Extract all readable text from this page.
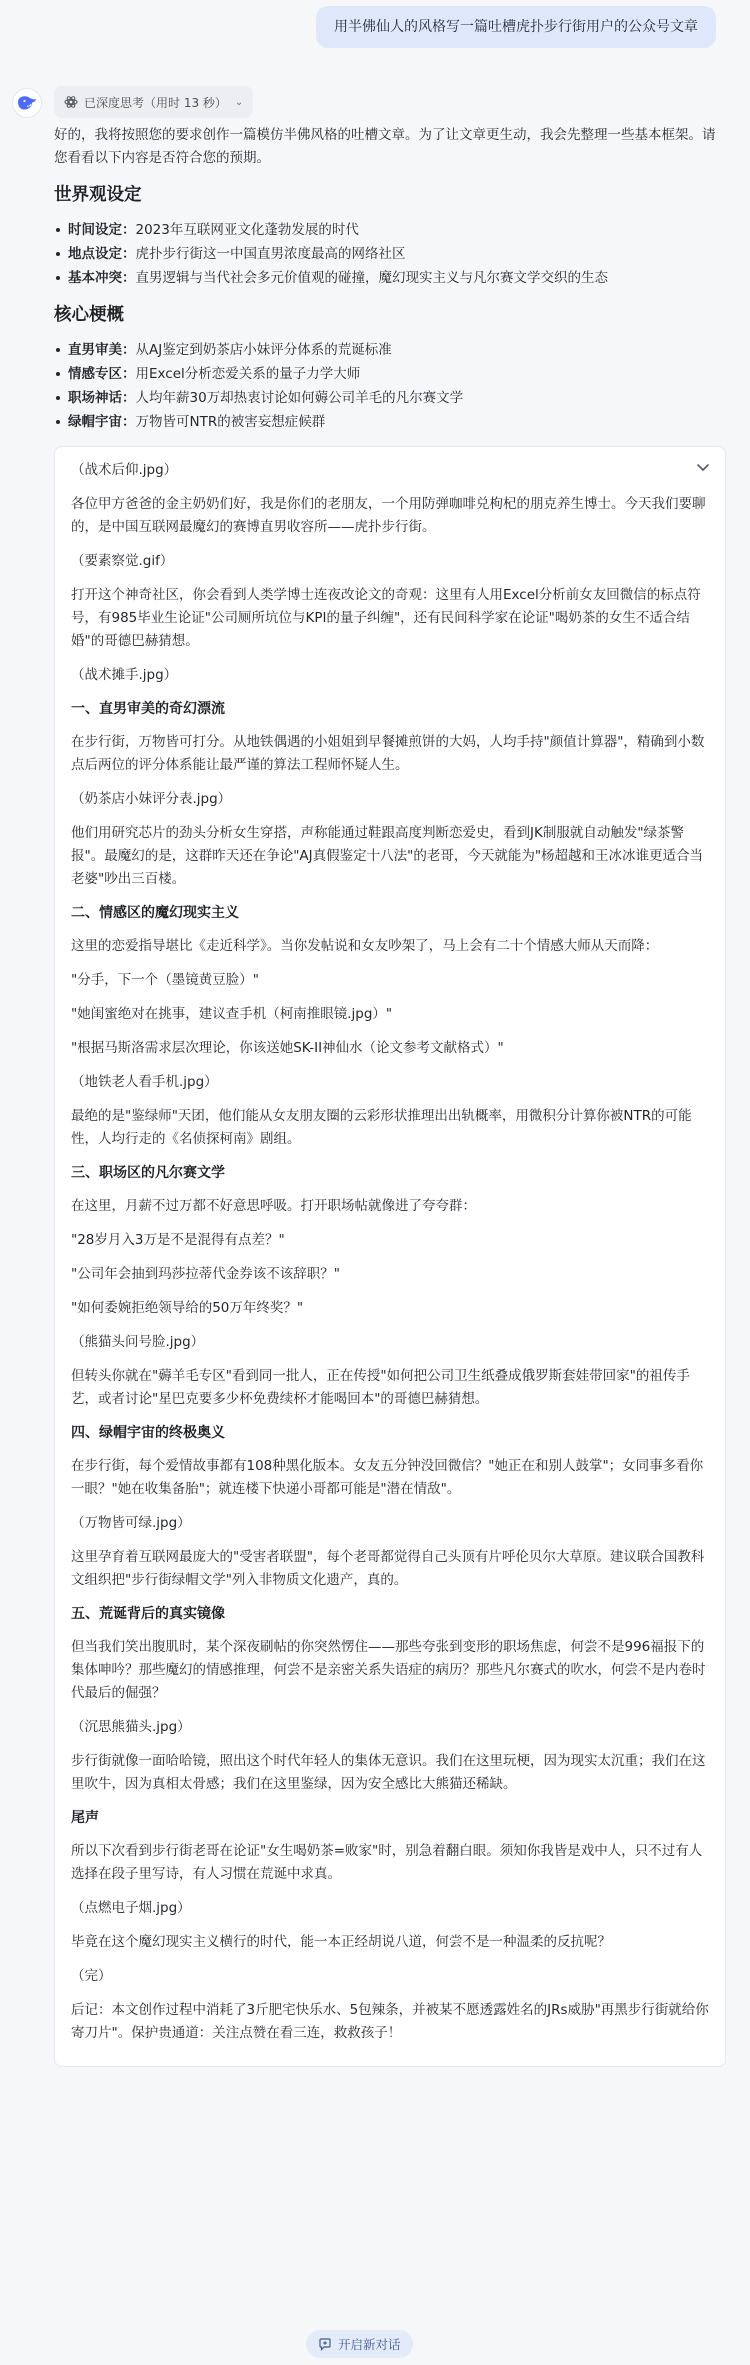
用半佛仙人的风格写一篇吐槽虎扑步行街用户的公众号文章
已深度思考（用时 13 秒） ⌄

好的，我将按照您的要求创作一篇模仿半佛风格的吐槽文章。为了让文章更生动，我会先整理一些基本框架。请您看看以下内容是否符合您的预期。

世界观设定
时间设定：2023年互联网亚文化蓬勃发展的时代
地点设定：虎扑步行街这一中国直男浓度最高的网络社区
基本冲突：直男逻辑与当代社会多元价值观的碰撞，魔幻现实主义与凡尔赛文学交织的生态
核心梗概
直男审美：从AJ鉴定到奶茶店小妹评分体系的荒诞标准
情感专区：用Excel分析恋爱关系的量子力学大师
职场神话：人均年薪30万却热衷讨论如何薅公司羊毛的凡尔赛文学
绿帽宇宙：万物皆可NTR的被害妄想症候群

（战术后仰.jpg）

各位甲方爸爸的金主奶奶们好，我是你们的老朋友，一个用防弹咖啡兑枸杞的朋克养生博士。今天我们要聊的，是中国互联网最魔幻的赛博直男收容所——虎扑步行街。

（要素察觉.gif）

打开这个神奇社区，你会看到人类学博士连夜改论文的奇观：这里有人用Excel分析前女友回微信的标点符号，有985毕业生论证"公司厕所坑位与KPI的量子纠缠"，还有民间科学家在论证"喝奶茶的女生不适合结婚"的哥德巴赫猜想。

（战术摊手.jpg）

一、直男审美的奇幻漂流

在步行街，万物皆可打分。从地铁偶遇的小姐姐到早餐摊煎饼的大妈，人均手持"颜值计算器"，精确到小数点后两位的评分体系能让最严谨的算法工程师怀疑人生。

（奶茶店小妹评分表.jpg）

他们用研究芯片的劲头分析女生穿搭，声称能通过鞋跟高度判断恋爱史，看到JK制服就自动触发"绿茶警报"。最魔幻的是，这群昨天还在争论"AJ真假鉴定十八法"的老哥，今天就能为"杨超越和王冰冰谁更适合当老婆"吵出三百楼。

二、情感区的魔幻现实主义

这里的恋爱指导堪比《走近科学》。当你发帖说和女友吵架了，马上会有二十个情感大师从天而降：

"分手，下一个（墨镜黄豆脸）"

"她闺蜜绝对在挑事，建议查手机（柯南推眼镜.jpg）"

"根据马斯洛需求层次理论，你该送她SK-II神仙水（论文参考文献格式）"

（地铁老人看手机.jpg）

最绝的是"鉴绿师"天团，他们能从女友朋友圈的云彩形状推理出出轨概率，用微积分计算你被NTR的可能性，人均行走的《名侦探柯南》剧组。

三、职场区的凡尔赛文学

在这里，月薪不过万都不好意思呼吸。打开职场帖就像进了夸夸群：

"28岁月入3万是不是混得有点差？"

"公司年会抽到玛莎拉蒂代金券该不该辞职？"

"如何委婉拒绝领导给的50万年终奖？"

（熊猫头问号脸.jpg）

但转头你就在"薅羊毛专区"看到同一批人，正在传授"如何把公司卫生纸叠成俄罗斯套娃带回家"的祖传手艺，或者讨论"星巴克要多少杯免费续杯才能喝回本"的哥德巴赫猜想。

四、绿帽宇宙的终极奥义

在步行街，每个爱情故事都有108种黑化版本。女友五分钟没回微信？"她正在和别人鼓掌"；女同事多看你一眼？"她在收集备胎"；就连楼下快递小哥都可能是"潜在情敌"。

（万物皆可绿.jpg）

这里孕育着互联网最庞大的"受害者联盟"，每个老哥都觉得自己头顶有片呼伦贝尔大草原。建议联合国教科文组织把"步行街绿帽文学"列入非物质文化遗产，真的。

五、荒诞背后的真实镜像

但当我们笑出腹肌时，某个深夜刷帖的你突然愣住——那些夸张到变形的职场焦虑，何尝不是996福报下的集体呻吟？那些魔幻的情感推理，何尝不是亲密关系失语症的病历？那些凡尔赛式的吹水，何尝不是内卷时代最后的倔强？

（沉思熊猫头.jpg）

步行街就像一面哈哈镜，照出这个时代年轻人的集体无意识。我们在这里玩梗，因为现实太沉重；我们在这里吹牛，因为真相太骨感；我们在这里鉴绿，因为安全感比大熊猫还稀缺。

尾声

所以下次看到步行街老哥在论证"女生喝奶茶=败家"时，别急着翻白眼。须知你我皆是戏中人，只不过有人选择在段子里写诗，有人习惯在荒诞中求真。

（点燃电子烟.jpg）

毕竟在这个魔幻现实主义横行的时代，能一本正经胡说八道，何尝不是一种温柔的反抗呢？

（完）

后记：本文创作过程中消耗了3斤肥宅快乐水、5包辣条，并被某不愿透露姓名的JRs威胁"再黑步行街就给你寄刀片"。保护贵通道：关注点赞在看三连，救救孩子！

开启新对话
